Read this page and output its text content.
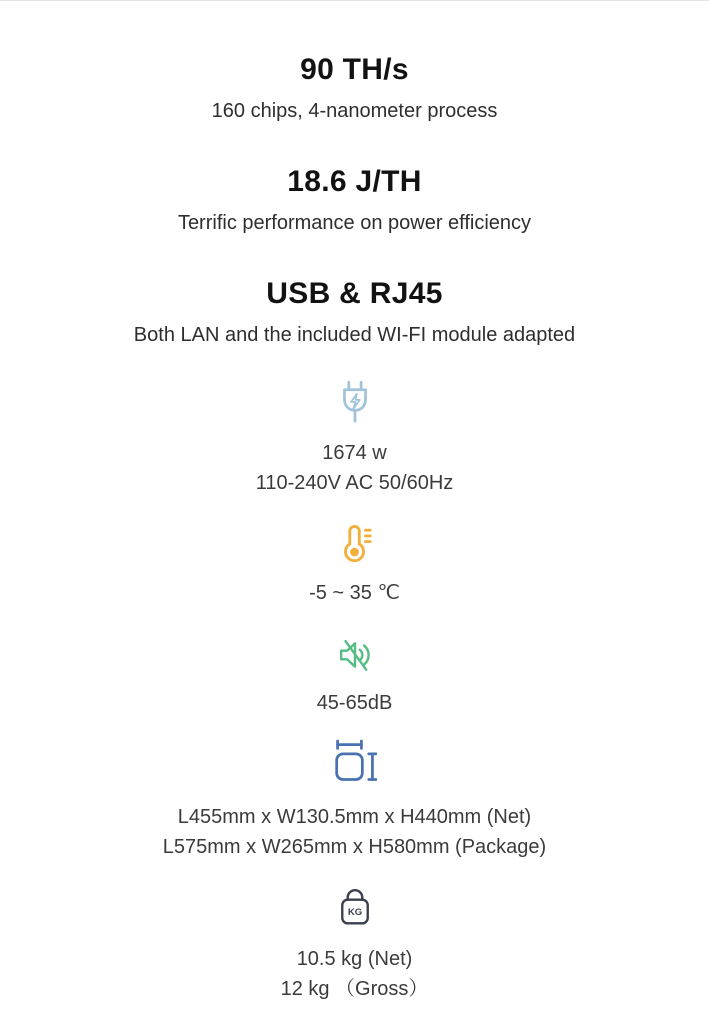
90 TH/s
160 chips, 4-nanometer process
18.6 J/TH
Terrific performance on power efficiency
USB & RJ45
Both LAN and the included WI-FI module adapted
1674 w
110-240V AC 50/60Hz
-5 ~ 35 ℃
45-65dB
L455mm x W130.5mm x H440mm (Net)
L575mm x W265mm x H580mm (Package)
KG
10.5 kg (Net)
12 kg （Gross）
